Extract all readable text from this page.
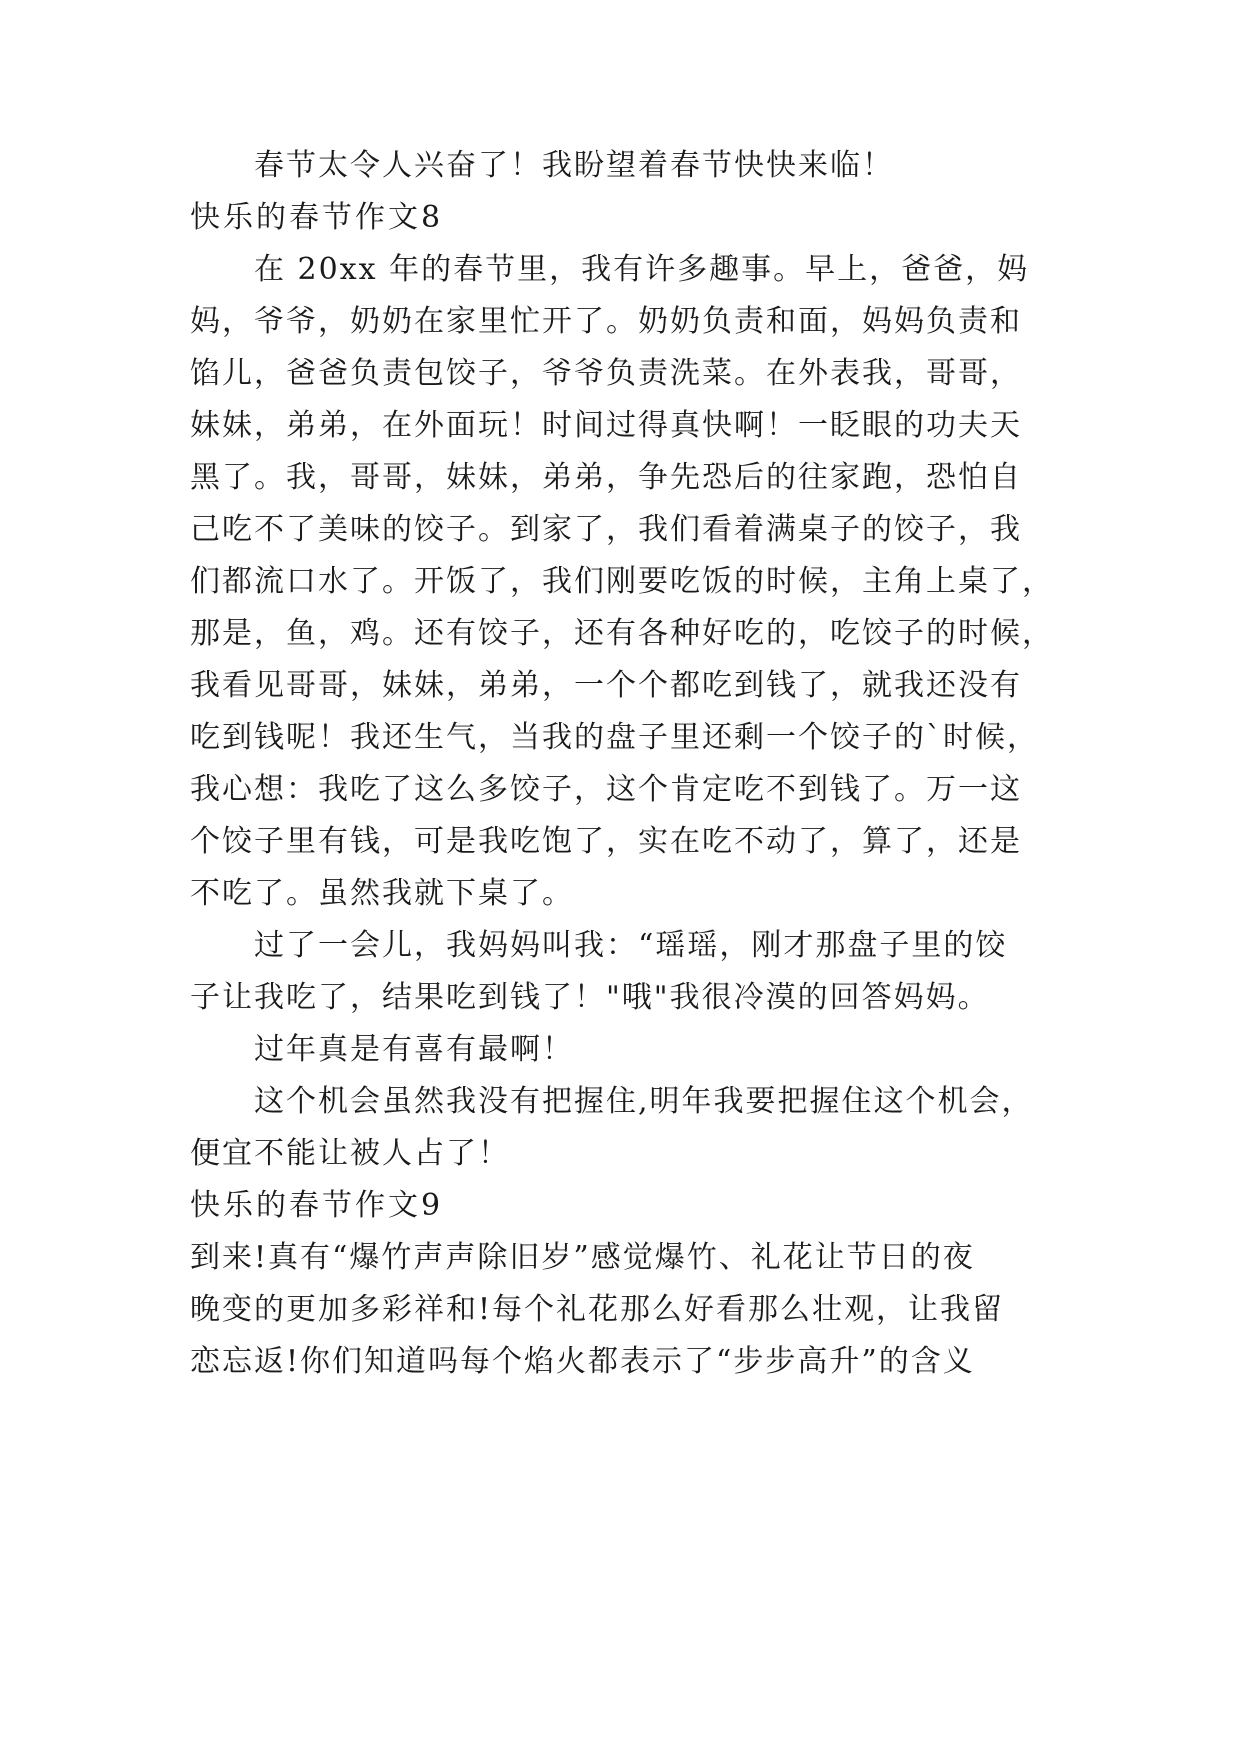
春节太令人兴奋了！我盼望着春节快快来临！
快乐的春节作文8
在 20xx 年的春节里，我有许多趣事。早上，爸爸，妈
妈，爷爷，奶奶在家里忙开了。奶奶负责和面，妈妈负责和
馅儿，爸爸负责包饺子，爷爷负责洗菜。在外表我，哥哥，
妹妹，弟弟，在外面玩！时间过得真快啊！一眨眼的功夫天
黑了。我，哥哥，妹妹，弟弟，争先恐后的往家跑，恐怕自
己吃不了美味的饺子。到家了，我们看着满桌子的饺子，我
们都流口水了。开饭了，我们刚要吃饭的时候，主角上桌了，
那是，鱼，鸡。还有饺子，还有各种好吃的，吃饺子的时候，
我看见哥哥，妹妹，弟弟，一个个都吃到钱了，就我还没有
吃到钱呢！我还生气，当我的盘子里还剩一个饺子的`时候，
我心想：我吃了这么多饺子，这个肯定吃不到钱了。万一这
个饺子里有钱，可是我吃饱了，实在吃不动了，算了，还是
不吃了。虽然我就下桌了。
过了一会儿，我妈妈叫我：“瑶瑶，刚才那盘子里的饺
子让我吃了，结果吃到钱了！"哦"我很冷漠的回答妈妈。
过年真是有喜有最啊！
这个机会虽然我没有把握住,明年我要把握住这个机会，
便宜不能让被人占了！
快乐的春节作文9
到来!真有“爆竹声声除旧岁”感觉爆竹、礼花让节日的夜
晚变的更加多彩祥和!每个礼花那么好看那么壮观，让我留
恋忘返!你们知道吗每个焰火都表示了“步步高升”的含义
